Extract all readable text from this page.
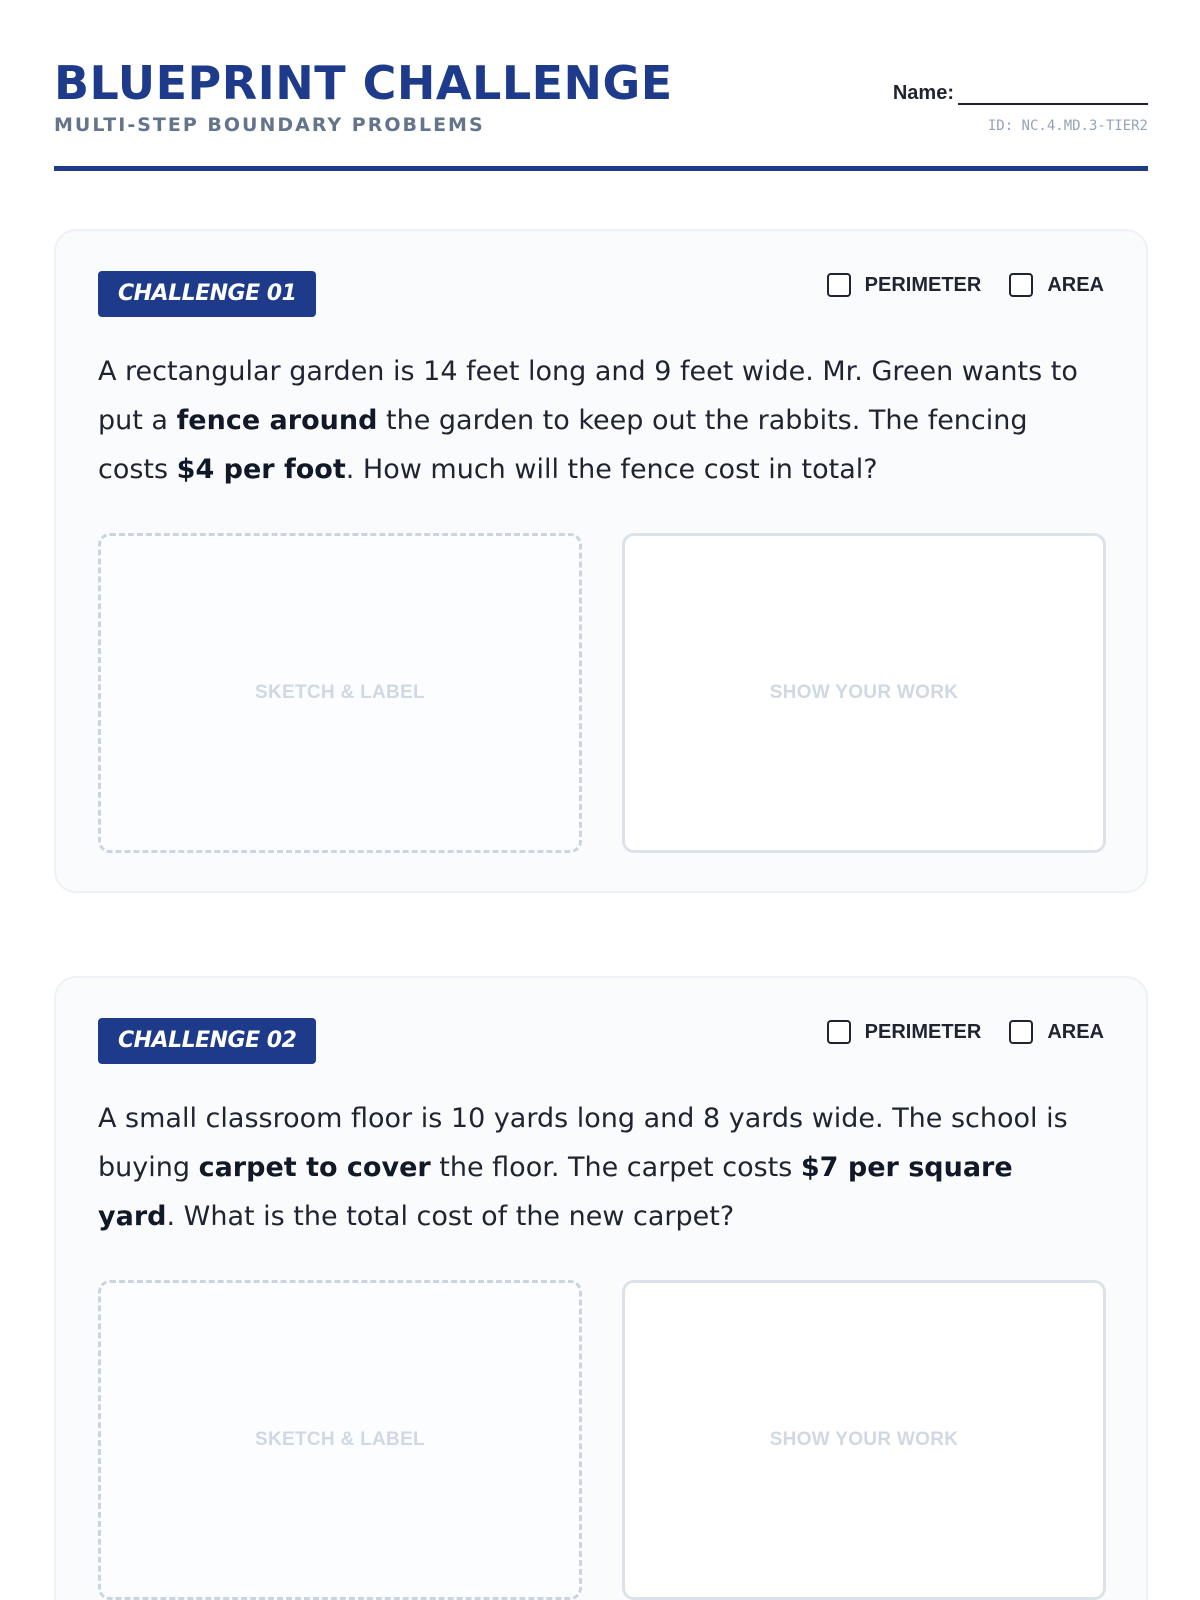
BLUEPRINT CHALLENGE
MULTI-STEP BOUNDARY PROBLEMS
Name:
ID: NC.4.MD.3-TIER2
CHALLENGE 01	PERIMETER	AREA
A rectangular garden is 14 feet long and 9 feet wide. Mr. Green wants to put a fence around the garden to keep out the rabbits. The fencing costs $4 per foot. How much will the fence cost in total?
SKETCH & LABEL	SHOW YOUR WORK
CHALLENGE 02	PERIMETER	AREA
A small classroom floor is 10 yards long and 8 yards wide. The school is buying carpet to cover the floor. The carpet costs $7 per square yard. What is the total cost of the new carpet?
SKETCH & LABEL	SHOW YOUR WORK
